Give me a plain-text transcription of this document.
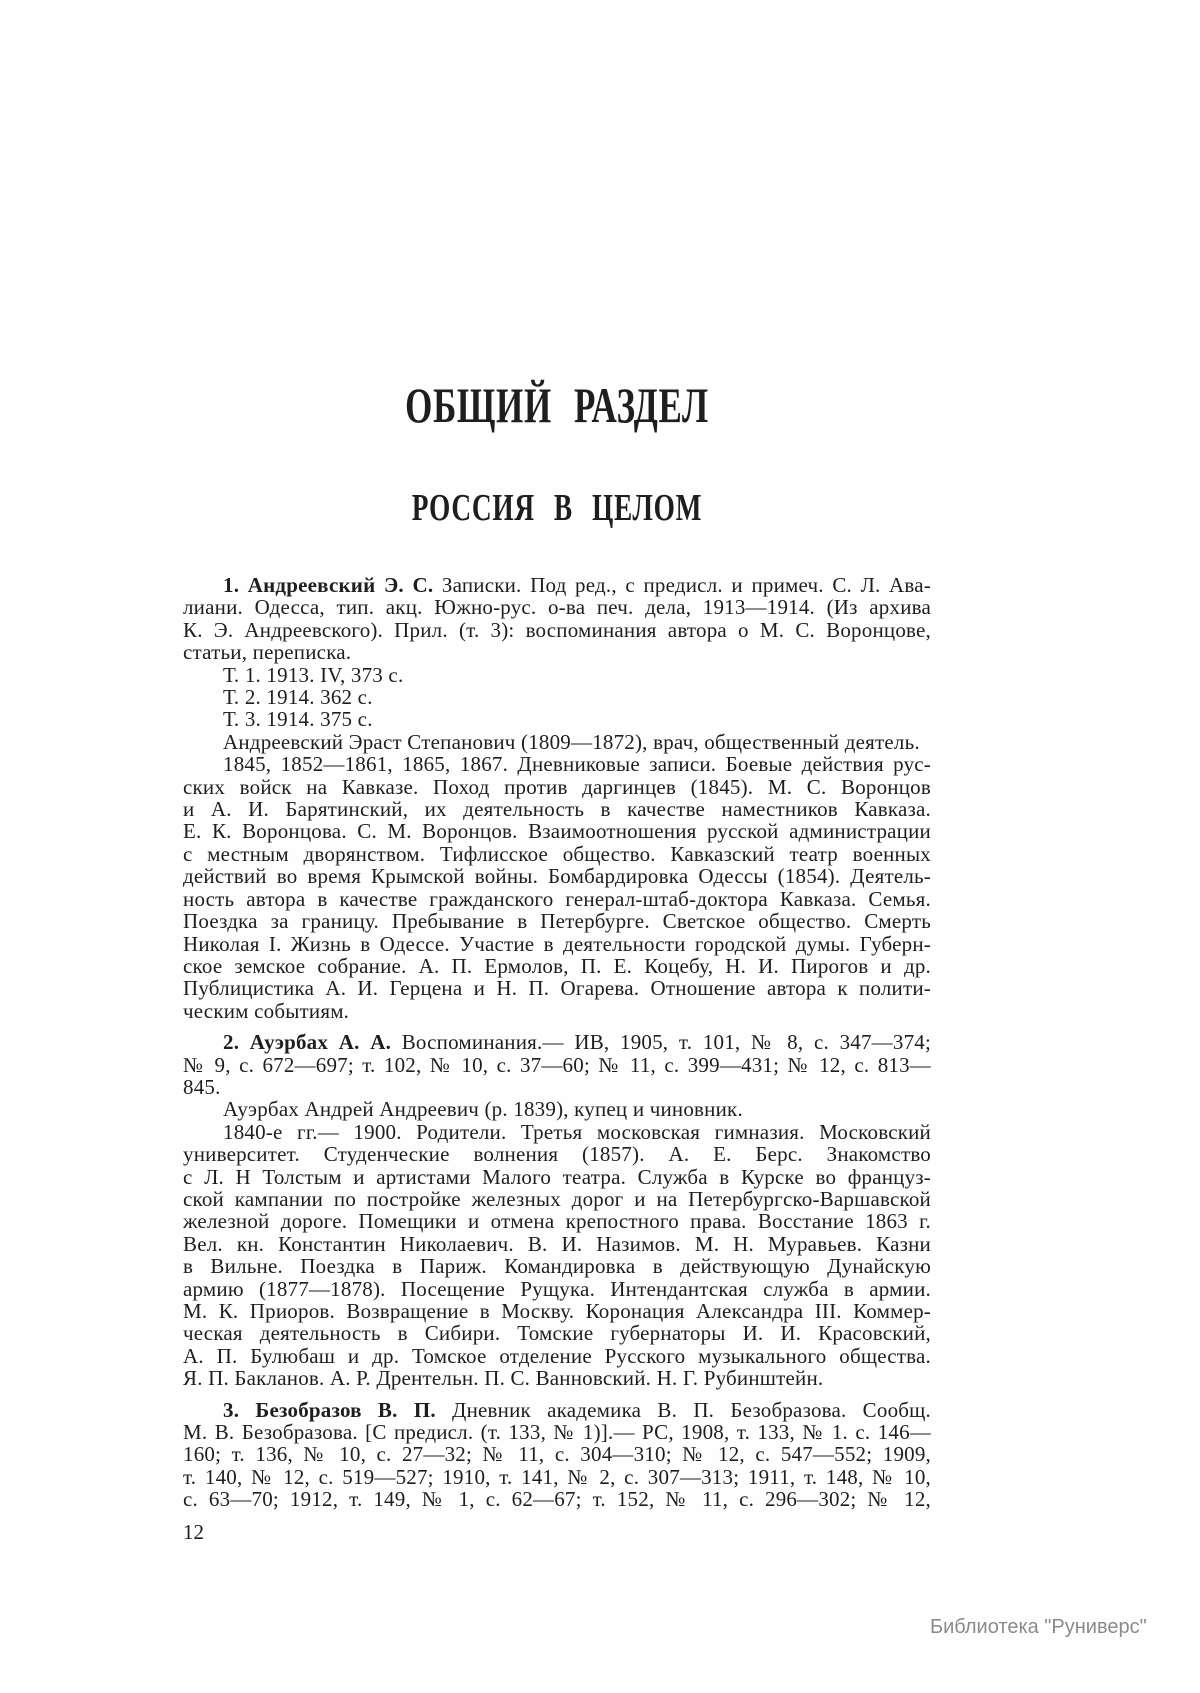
ОБЩИЙ РАЗДЕЛ
РОССИЯ В ЦЕЛОМ
1. Андреевский Э. С. Записки. Под ред., с предисл. и примеч. С. Л. Ава-
лиани. Одесса, тип. акц. Южно-рус. о-ва печ. дела, 1913—1914. (Из архива
К. Э. Андреевского). Прил. (т. 3): воспоминания автора о М. С. Воронцове,
статьи, переписка.
Т. 1. 1913. IV, 373 с.
Т. 2. 1914. 362 с.
Т. 3. 1914. 375 с.
Андреевский Эраст Степанович (1809—1872), врач, общественный деятель.
1845, 1852—1861, 1865, 1867. Дневниковые записи. Боевые действия рус-
ских войск на Кавказе. Поход против даргинцев (1845). М. С. Воронцов
и А. И. Барятинский, их деятельность в качестве наместников Кавказа.
Е. К. Воронцова. С. М. Воронцов. Взаимоотношения русской администрации
с местным дворянством. Тифлисское общество. Кавказский театр военных
действий во время Крымской войны. Бомбардировка Одессы (1854). Деятель-
ность автора в качестве гражданского генерал-штаб-доктора Кавказа. Семья.
Поездка за границу. Пребывание в Петербурге. Светское общество. Смерть
Николая I. Жизнь в Одессе. Участие в деятельности городской думы. Губерн-
ское земское собрание. А. П. Ермолов, П. Е. Коцебу, Н. И. Пирогов и др.
Публицистика А. И. Герцена и Н. П. Огарева. Отношение автора к полити-
ческим событиям.
2. Ауэрбах А. А. Воспоминания.— ИВ, 1905, т. 101, № 8, с. 347—374;
№ 9, с. 672—697; т. 102, № 10, с. 37—60; № 11, с. 399—431; № 12, с. 813—
845.
Ауэрбах Андрей Андреевич (р. 1839), купец и чиновник.
1840-е гг.— 1900. Родители. Третья московская гимназия. Московский
университет. Студенческие волнения (1857). А. Е. Берс. Знакомство
с Л. Н Толстым и артистами Малого театра. Служба в Курске во француз-
ской кампании по постройке железных дорог и на Петербургско-Варшавской
железной дороге. Помещики и отмена крепостного права. Восстание 1863 г.
Вел. кн. Константин Николаевич. В. И. Назимов. М. Н. Муравьев. Казни
в Вильне. Поездка в Париж. Командировка в действующую Дунайскую
армию (1877—1878). Посещение Рущука. Интендантская служба в армии.
М. К. Приоров. Возвращение в Москву. Коронация Александра III. Коммер-
ческая деятельность в Сибири. Томские губернаторы И. И. Красовский,
А. П. Булюбаш и др. Томское отделение Русского музыкального общества.
Я. П. Бакланов. А. Р. Дрентельн. П. С. Ванновский. Н. Г. Рубинштейн.
3. Безобразов В. П. Дневник академика В. П. Безобразова. Сообщ.
М. В. Безобразова. [С предисл. (т. 133, № 1)].— РС, 1908, т. 133, № 1. с. 146—
160; т. 136, № 10, с. 27—32; № 11, с. 304—310; № 12, с. 547—552; 1909,
т. 140, № 12, с. 519—527; 1910, т. 141, № 2, с. 307—313; 1911, т. 148, № 10,
с. 63—70; 1912, т. 149, № 1, с. 62—67; т. 152, № 11, с. 296—302; № 12,
12
Библиотека "Руниверс"
